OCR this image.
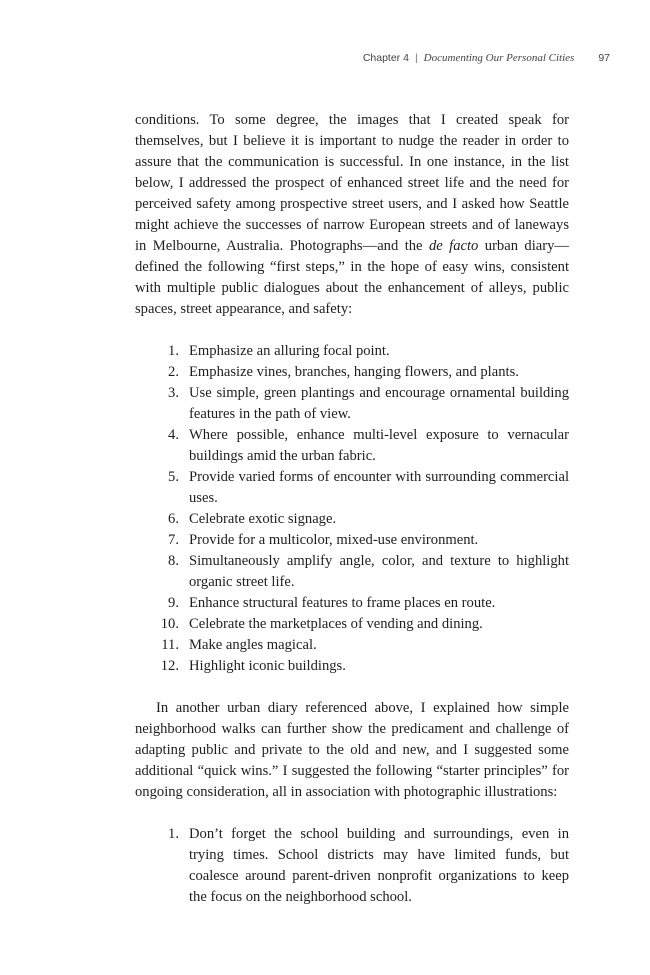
Chapter 4 | Documenting Our Personal Cities 97

conditions. To some degree, the images that I created speak for themselves, but I believe it is important to nudge the reader in order to assure that the communication is successful. In one instance, in the list below, I addressed the prospect of enhanced street life and the need for perceived safety among prospective street users, and I asked how Seattle might achieve the successes of narrow European streets and of laneways in Melbourne, Australia. Photographs—and the de facto urban diary—defined the following “first steps,” in the hope of easy wins, consistent with multiple public dialogues about the enhancement of alleys, public spaces, street appearance, and safety:

1. Emphasize an alluring focal point.
2. Emphasize vines, branches, hanging flowers, and plants.
3. Use simple, green plantings and encourage ornamental building features in the path of view.
4. Where possible, enhance multi-level exposure to vernacular buildings amid the urban fabric.
5. Provide varied forms of encounter with surrounding commercial uses.
6. Celebrate exotic signage.
7. Provide for a multicolor, mixed-use environment.
8. Simultaneously amplify angle, color, and texture to highlight organic street life.
9. Enhance structural features to frame places en route.
10. Celebrate the marketplaces of vending and dining.
11. Make angles magical.
12. Highlight iconic buildings.

In another urban diary referenced above, I explained how simple neighborhood walks can further show the predicament and challenge of adapting public and private to the old and new, and I suggested some additional “quick wins.” I suggested the following “starter principles” for ongoing consideration, all in association with photographic illustrations:

1. Don’t forget the school building and surroundings, even in trying times. School districts may have limited funds, but coalesce around parent-driven nonprofit organizations to keep the focus on the neighborhood school.
